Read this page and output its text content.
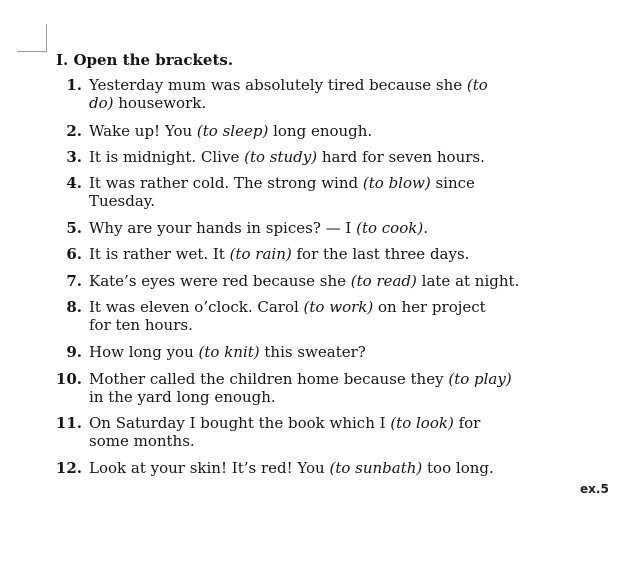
I. Open the brackets.
1. Yesterday mum was absolutely tired because she (to
do) housework.
2. Wake up! You (to sleep) long enough.
3. It is midnight. Clive (to study) hard for seven hours.
4. It was rather cold. The strong wind (to blow) since
Tuesday.
5. Why are your hands in spices? — I (to cook).
6. It is rather wet. It (to rain) for the last three days.
7. Kate’s eyes were red because she (to read) late at night.
8. It was eleven o’clock. Carol (to work) on her project
for ten hours.
9. How long you (to knit) this sweater?
10. Mother called the children home because they (to play)
in the yard long enough.
11. On Saturday I bought the book which I (to look) for
some months.
12. Look at your skin! It’s red! You (to sunbath) too long.
ex.5
